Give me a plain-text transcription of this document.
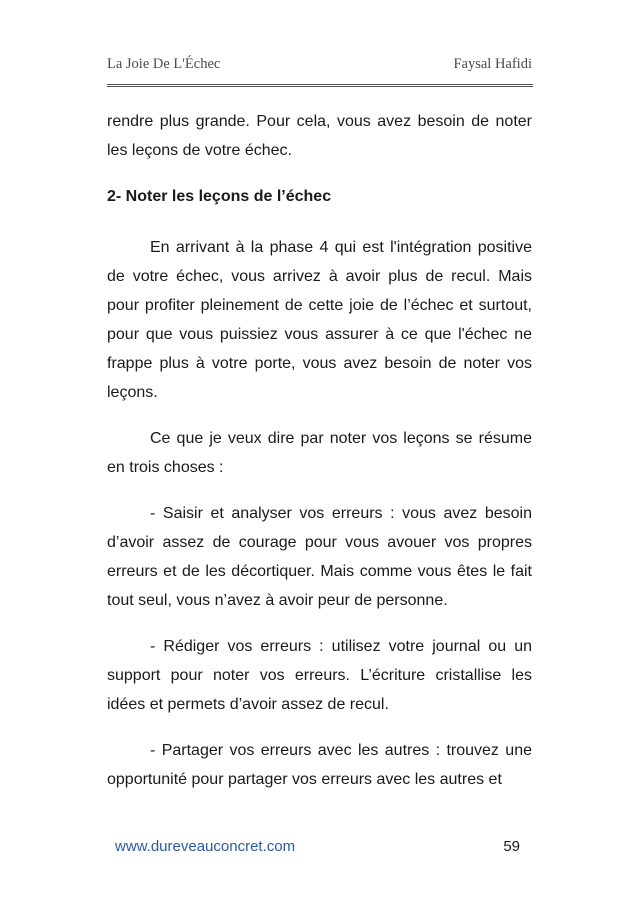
La Joie De L'Échec	Faysal Hafidi

rendre plus grande. Pour cela, vous avez besoin de noter les leçons de votre échec.

2- Noter les leçons de l’échec

En arrivant à la phase 4 qui est l'intégration positive de votre échec, vous arrivez à avoir plus de recul. Mais pour profiter pleinement de cette joie de l’échec et surtout, pour que vous puissiez vous assurer à ce que l'échec ne frappe plus à votre porte, vous avez besoin de noter vos leçons.

Ce que je veux dire par noter vos leçons se résume en trois choses :

- Saisir et analyser vos erreurs : vous avez besoin d’avoir assez de courage pour vous avouer vos propres erreurs et de les décortiquer. Mais comme vous êtes le fait tout seul, vous n’avez à avoir peur de personne.

- Rédiger vos erreurs : utilisez votre journal ou un support pour noter vos erreurs. L’écriture cristallise les idées et permets d’avoir assez de recul.

- Partager vos erreurs avec les autres : trouvez une opportunité pour partager vos erreurs avec les autres et

www.dureveauconcret.com	59
